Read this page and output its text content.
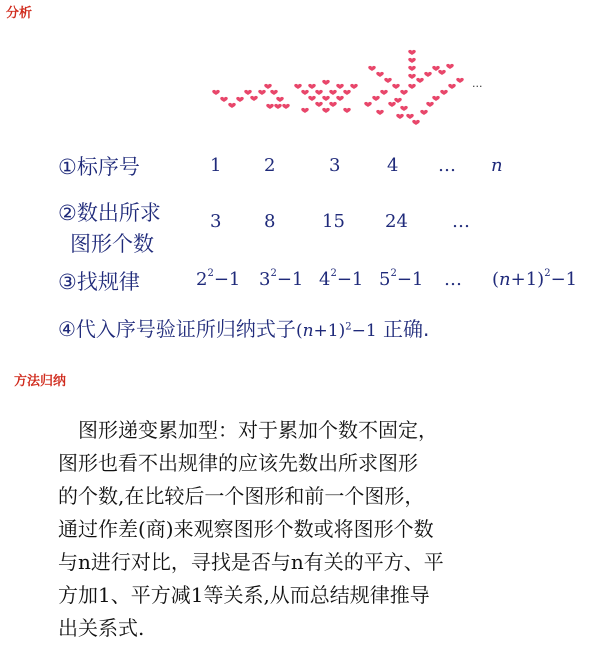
分析
···
①标序号	1 2	3	4 … n
②数出所求
图形个数
3 8	15 24 …
③找规律	$2^2-1$ $3^2-1$ $4^2-1$ $5^2-1$ … $(n+1)^2-1$
④代入序号验证所归纳式子$(n+1)^2-1$ 正确.
方法归纳
　图形递变累加型：对于累加个数不固定，
图形也看不出规律的应该先数出所求图形
的个数,在比较后一个图形和前一个图形，
通过作差(商)来观察图形个数或将图形个数
与n进行对比，寻找是否与n有关的平方、平
方加1、平方减1等关系,从而总结规律推导
出关系式.
